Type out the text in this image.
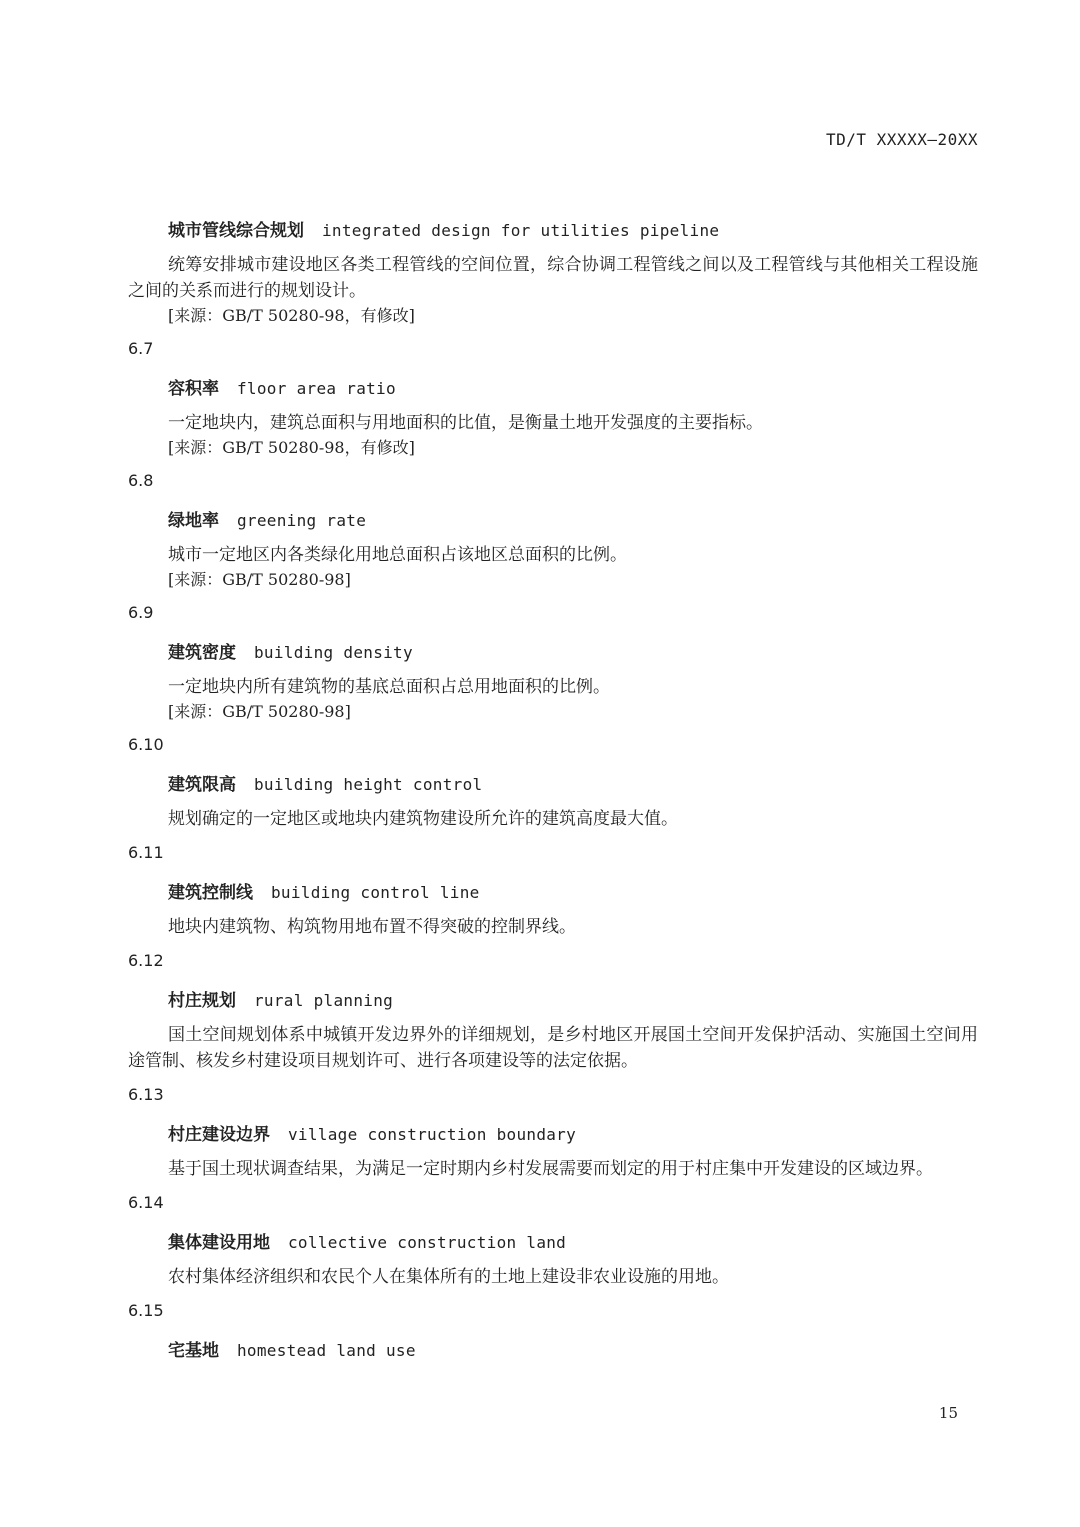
TD/T XXXXX—20XX
城市管线综合规划 integrated design for utilities pipeline

统筹安排城市建设地区各类工程管线的空间位置，综合协调工程管线之间以及工程管线与其他相关工程设施之间的关系而进行的规划设计。

[来源：GB/T 50280-98，有修改]

6.7
容积率 floor area ratio

一定地块内，建筑总面积与用地面积的比值，是衡量土地开发强度的主要指标。

[来源：GB/T 50280-98，有修改]

6.8
绿地率 greening rate

城市一定地区内各类绿化用地总面积占该地区总面积的比例。

[来源：GB/T 50280-98]

6.9
建筑密度 building density

一定地块内所有建筑物的基底总面积占总用地面积的比例。

[来源：GB/T 50280-98]

6.10
建筑限高 building height control

规划确定的一定地区或地块内建筑物建设所允许的建筑高度最大值。

6.11
建筑控制线 building control line

地块内建筑物、构筑物用地布置不得突破的控制界线。

6.12
村庄规划 rural planning

国土空间规划体系中城镇开发边界外的详细规划，是乡村地区开展国土空间开发保护活动、实施国土空间用途管制、核发乡村建设项目规划许可、进行各项建设等的法定依据。

6.13
村庄建设边界 village construction boundary

基于国土现状调查结果，为满足一定时期内乡村发展需要而划定的用于村庄集中开发建设的区域边界。

6.14
集体建设用地 collective construction land

农村集体经济组织和农民个人在集体所有的土地上建设非农业设施的用地。

6.15
宅基地 homestead land use
15
